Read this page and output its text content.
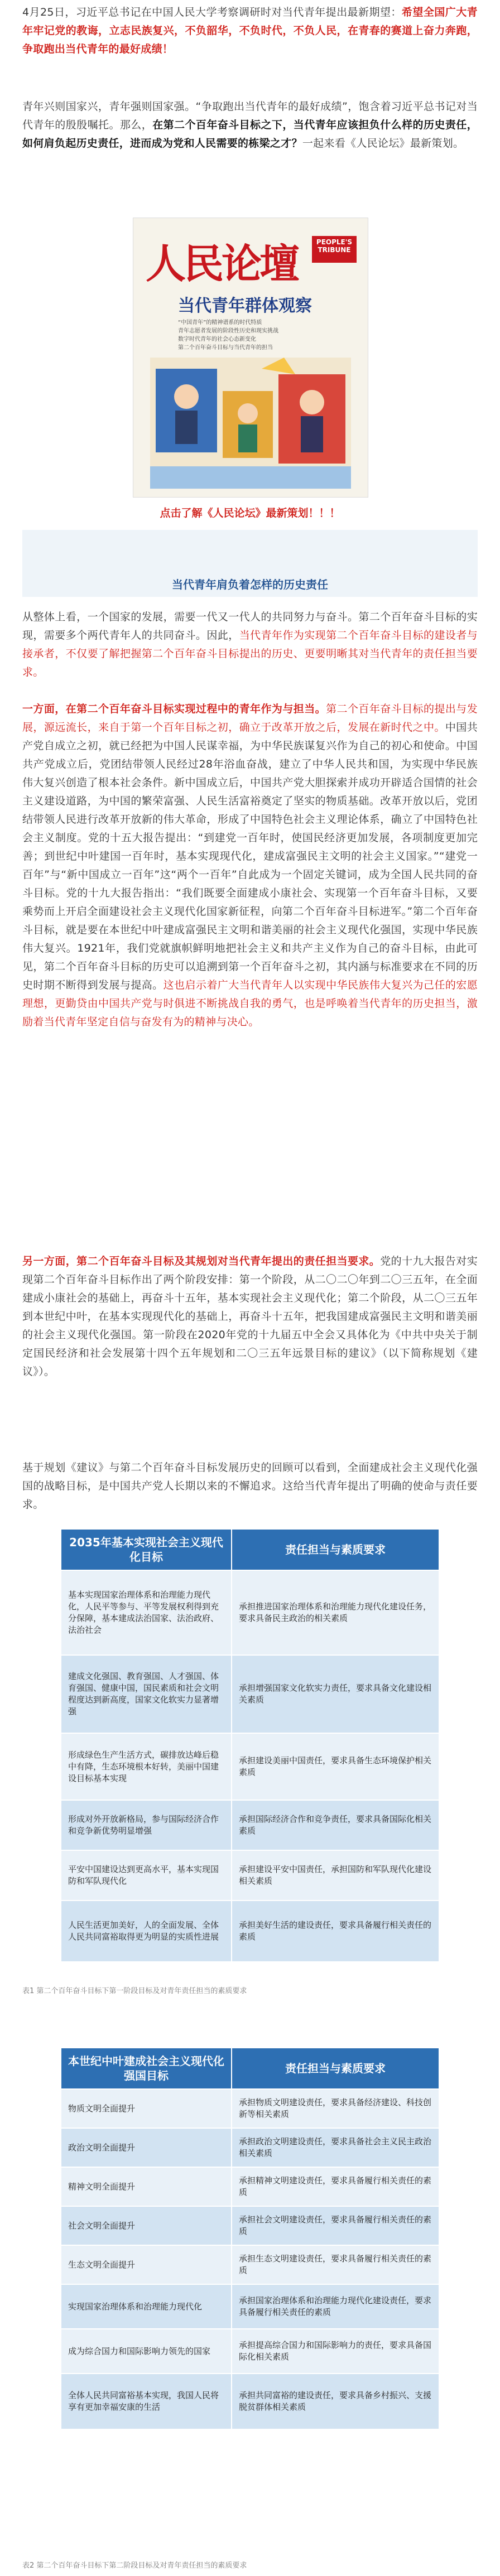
4月25日，习近平总书记在中国人民大学考察调研时对当代青年提出最新期望：希望全国广大青年牢记党的教诲，立志民族复兴，不负韶华，不负时代，不负人民，在青春的赛道上奋力奔跑，争取跑出当代青年的最好成绩！

青年兴则国家兴，青年强则国家强。“争取跑出当代青年的最好成绩”，饱含着习近平总书记对当代青年的殷殷嘱托。那么，在第二个百年奋斗目标之下，当代青年应该担负什么样的历史责任，如何肩负起历史责任，进而成为党和人民需要的栋梁之才？一起来看《人民论坛》最新策划。

人民论壇	PEOPLE'S TRIBUNE
当代青年群体观察
“中国青年”的精神谱系的时代特质
青年志愿者发展的阶段性历史和现实挑战
数字时代青年的社会心态新变化
第二个百年奋斗目标与当代青年的担当
点击了解《人民论坛》最新策划！！！
当代青年肩负着怎样的历史责任

从整体上看，一个国家的发展，需要一代又一代人的共同努力与奋斗。第二个百年奋斗目标的实现，需要多个两代青年人的共同奋斗。因此，当代青年作为实现第二个百年奋斗目标的建设者与接承者，不仅要了解把握第二个百年奋斗目标提出的历史、更要明晰其对当代青年的责任担当要求。

一方面，在第二个百年奋斗目标实现过程中的青年作为与担当。第二个百年奋斗目标的提出与发展，源远流长，来自于第一个百年目标之初，确立于改革开放之后，发展在新时代之中。中国共产党自成立之初，就已经把为中国人民谋幸福，为中华民族谋复兴作为自己的初心和使命。中国共产党成立后，党团结带领人民经过28年浴血奋战，建立了中华人民共和国，为实现中华民族伟大复兴创造了根本社会条件。新中国成立后，中国共产党大胆探索并成功开辟适合国情的社会主义建设道路，为中国的繁荣富强、人民生活富裕奠定了坚实的物质基础。改革开放以后，党团结带领人民进行改革开放新的伟大革命，形成了中国特色社会主义理论体系，确立了中国特色社会主义制度。党的十五大报告提出：“到建党一百年时，使国民经济更加发展，各项制度更加完善；到世纪中叶建国一百年时，基本实现现代化，建成富强民主文明的社会主义国家。”“建党一百年”与“新中国成立一百年”这“两个一百年”自此成为一个固定关键词，成为全国人民共同的奋斗目标。党的十九大报告指出：“我们既要全面建成小康社会、实现第一个百年奋斗目标，又要乘势而上开启全面建设社会主义现代化国家新征程，向第二个百年奋斗目标进军。”第二个百年奋斗目标，就是要在本世纪中叶建成富强民主文明和谐美丽的社会主义现代化强国，实现中华民族伟大复兴。1921年，我们党就旗帜鲜明地把社会主义和共产主义作为自己的奋斗目标，由此可见，第二个百年奋斗目标的历史可以追溯到第一个百年奋斗之初，其内涵与标准要求在不同的历史时期不断得到发展与提高。这也启示着广大当代青年人以实现中华民族伟大复兴为己任的宏愿理想，更勤贷由中国共产党与时俱进不断挑战自我的勇气，也是呼唤着当代青年的历史担当，激励着当代青年坚定自信与奋发有为的精神与决心。

另一方面，第二个百年奋斗目标及其规划对当代青年提出的责任担当要求。党的十九大报告对实现第二个百年奋斗目标作出了两个阶段安排：第一个阶段，从二〇二〇年到二〇三五年，在全面建成小康社会的基础上，再奋斗十五年，基本实现社会主义现代化；第二个阶段，从二〇三五年到本世纪中叶，在基本实现现代化的基础上，再奋斗十五年，把我国建成富强民主文明和谐美丽的社会主义现代化强国。第一阶段在2020年党的十九届五中全会又具体化为《中共中央关于制定国民经济和社会发展第十四个五年规划和二〇三五年远景目标的建议》（以下简称规划《建议》）。

基于规划《建议》与第二个百年奋斗目标发展历史的回顾可以看到，全面建成社会主义现代化强国的战略目标，是中国共产党人长期以来的不懈追求。这给当代青年提出了明确的使命与责任要求。

2035年基本实现社会主义现代化目标	责任担当与素质要求
基本实现国家治理体系和治理能力现代化，人民平等参与、平等发展权利得到充分保障，基本建成法治国家、法治政府、法治社会	承担推进国家治理体系和治理能力现代化建设任务，要求具备民主政治的相关素质
建成文化强国、教育强国、人才强国、体育强国、健康中国，国民素质和社会文明程度达到新高度，国家文化软实力显著增强	承担增强国家文化软实力责任，要求具备文化建设相关素质
形成绿色生产生活方式，碳排放达峰后稳中有降，生态环境根本好转，美丽中国建设目标基本实现	承担建设美丽中国责任，要求具备生态环境保护相关素质
形成对外开放新格局，参与国际经济合作和竞争新优势明显增强	承担国际经济合作和竞争责任，要求具备国际化相关素质
平安中国建设达到更高水平，基本实现国防和军队现代化	承担建设平安中国责任，承担国防和军队现代化建设相关素质
人民生活更加美好，人的全面发展、全体人民共同富裕取得更为明显的实质性进展	承担美好生活的建设责任，要求具备履行相关责任的素质
表1 第二个百年奋斗目标下第一阶段目标及对青年责任担当的素质要求
本世纪中叶建成社会主义现代化强国目标	责任担当与素质要求
物质文明全面提升	承担物质文明建设责任，要求具备经济建设、科技创新等相关素质
政治文明全面提升	承担政治文明建设责任，要求具备社会主义民主政治相关素质
精神文明全面提升	承担精神文明建设责任，要求具备履行相关责任的素质
社会文明全面提升	承担社会文明建设责任，要求具备履行相关责任的素质
生态文明全面提升	承担生态文明建设责任，要求具备履行相关责任的素质
实现国家治理体系和治理能力现代化	承担国家治理体系和治理能力现代化建设责任，要求具备履行相关责任的素质
成为综合国力和国际影响力领先的国家	承担提高综合国力和国际影响力的责任，要求具备国际化相关素质
全体人民共同富裕基本实现，我国人民将享有更加幸福安康的生活	承担共同富裕的建设责任，要求具备乡村振兴、支援脱贫群体相关素质
表2 第二个百年奋斗目标下第二阶段目标及对青年责任担当的素质要求
